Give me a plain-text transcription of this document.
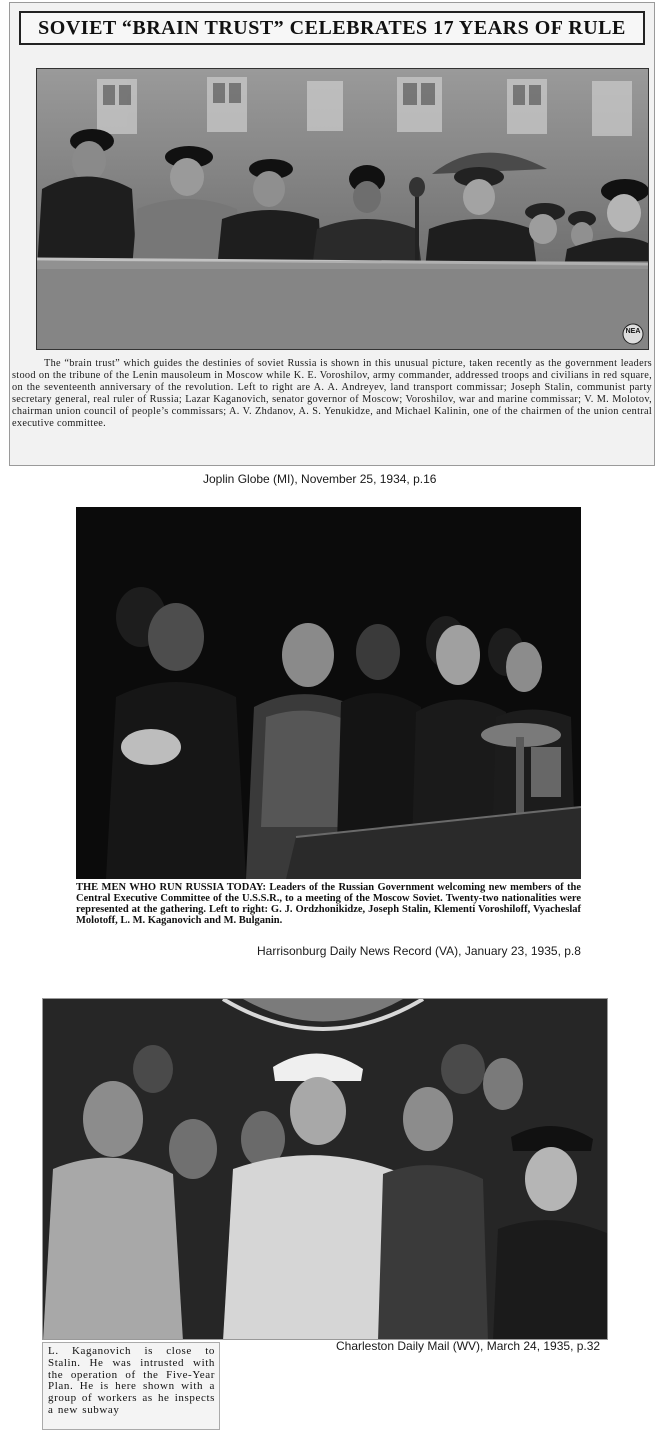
SOVIET “BRAIN TRUST” CELEBRATES 17 YEARS OF RULE
NEA
The “brain trust” which guides the destinies of soviet Russia is shown in this unusual picture, taken recently as the government leaders stood on the tribune of the Lenin mausoleum in Moscow while K. E. Voroshilov, army commander, addressed troops and civilians in red square, on the seventeenth anniversary of the revolution. Left to right are A. A. Andreyev, land transport commissar; Joseph Stalin, communist party secretary general, real ruler of Russia; Lazar Kaganovich, senator governor of Moscow; Voroshilov, war and marine commissar; V. M. Molotov, chairman union council of people’s commissars; A. V. Zhdanov, A. S. Yenukidze, and Michael Kalinin, one of the chairmen of the union central executive committee.
Joplin Globe (MI), November 25, 1934, p.16
THE MEN WHO RUN RUSSIA TODAY: Leaders of the Russian Government welcoming new members of the Central Executive Committee of the U.S.S.R., to a meeting of the Moscow Soviet. Twenty-two nationalities were represented at the gathering. Left to right: G. J. Ordzhonikidze, Joseph Stalin, Klementi Voroshiloff, Vyacheslaf Molotoff, L. M. Kaganovich and M. Bulganin.
Harrisonburg Daily News Record (VA), January 23, 1935, p.8
L. Kaganovich is close to Stalin. He was intrusted with the operation of the Five-Year Plan. He is here shown with a group of workers as he inspects a new subway
Charleston Daily Mail (WV), March 24, 1935, p.32
